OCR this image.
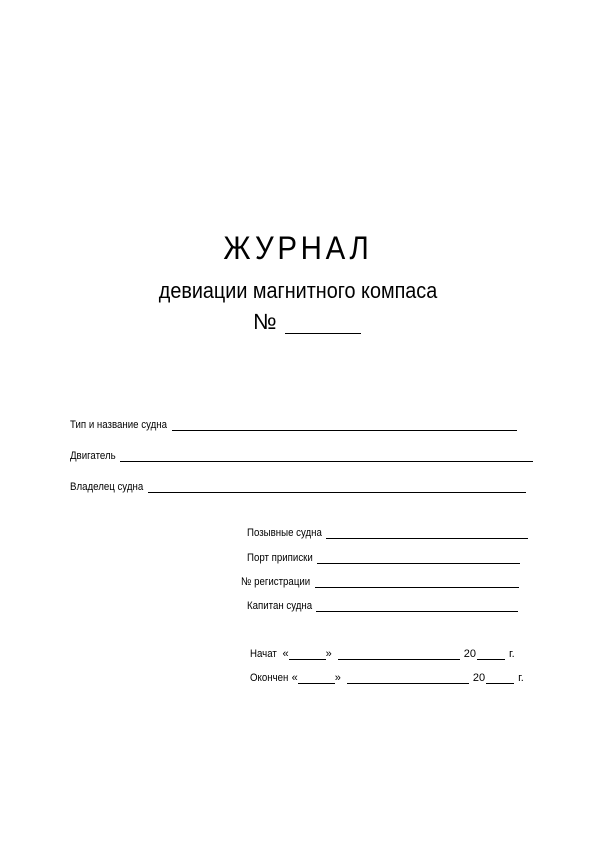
ЖУРНАЛ
девиации магнитного компаса
№
Тип и название судна
Двигатель
Владелец судна
Позывные судна
Порт приписки
№ регистрации
Капитан судна
Начат «	»	20	г.
Окончен «	»	20	г.
